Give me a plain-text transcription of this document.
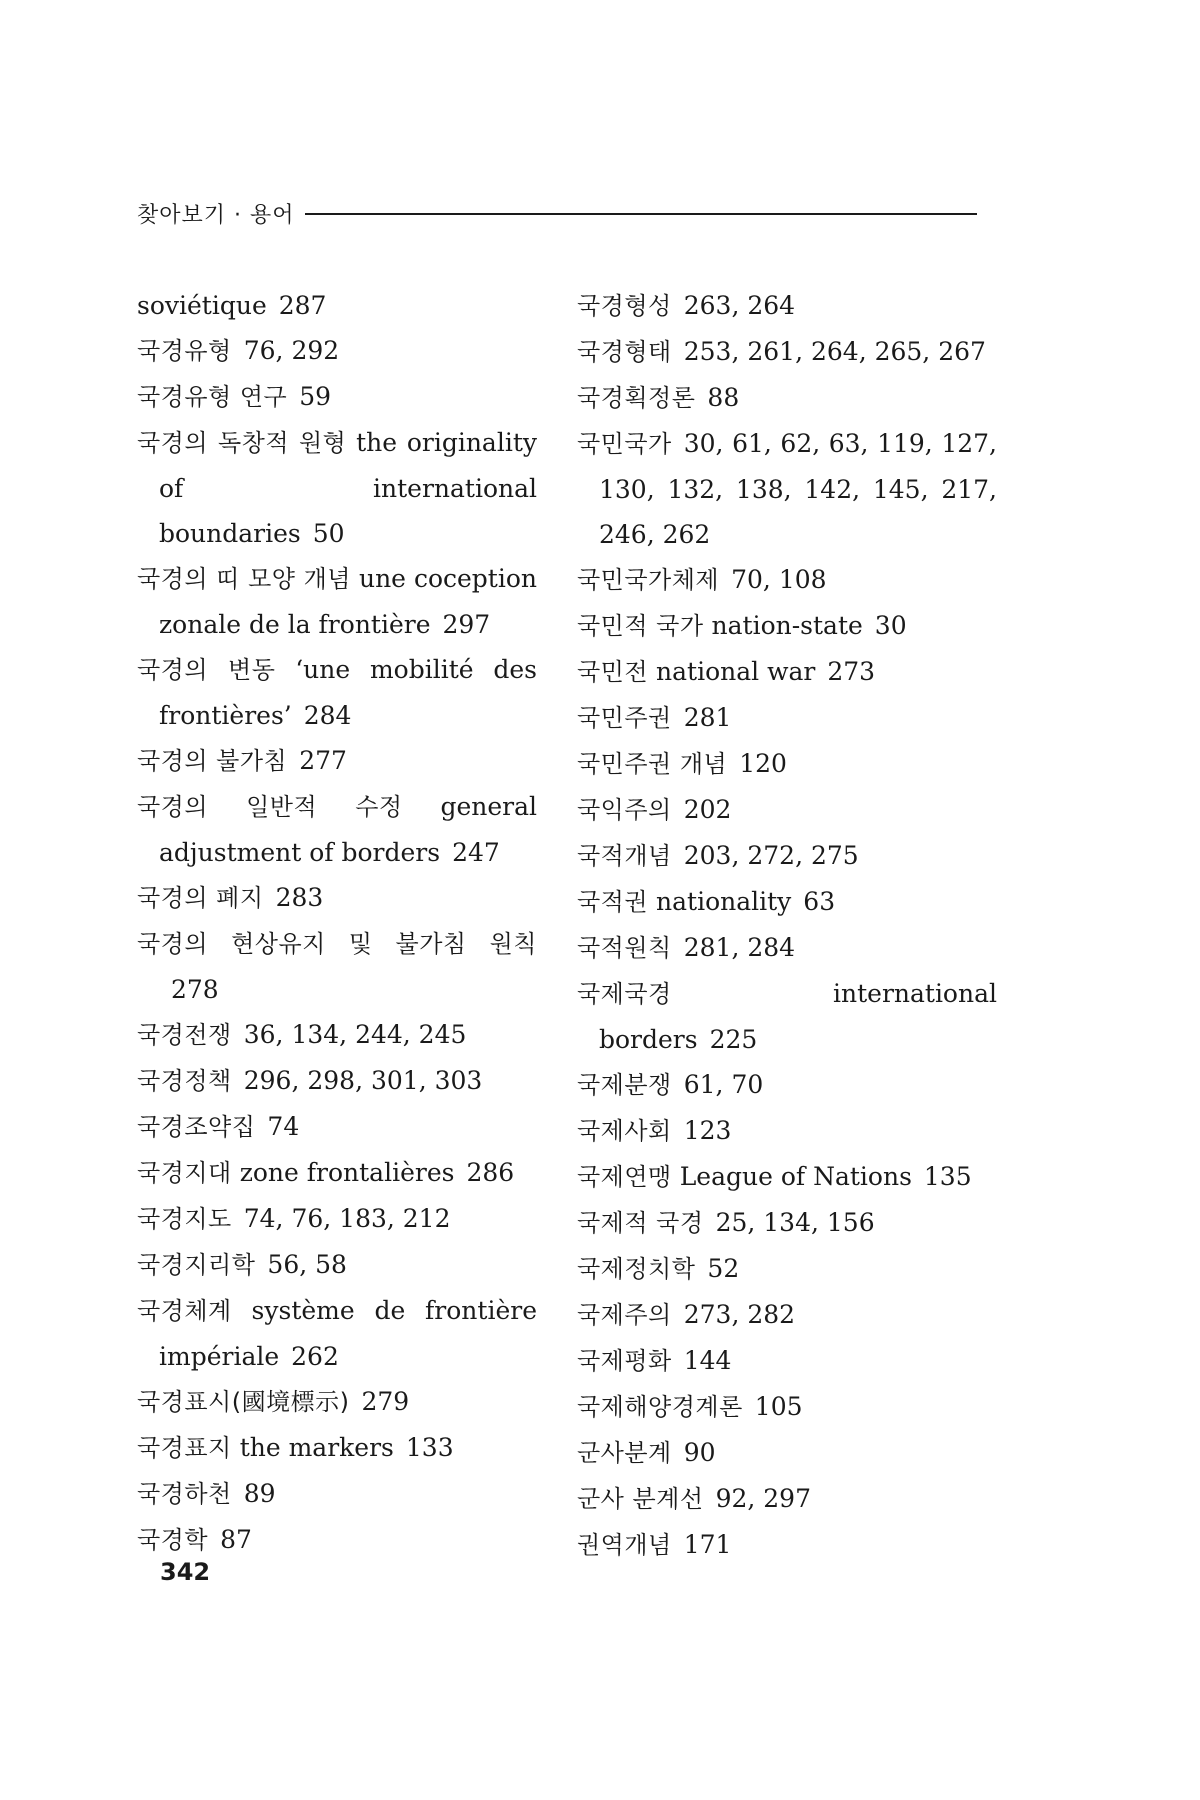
찾아보기 · 용어
soviétique 287
국경유형 76, 292
국경유형 연구 59
국경의 독창적 원형 the originality of international boundaries 50
국경의 띠 모양 개념 une coception zonale de la frontière 297
국경의 변동 ‘une mobilité des frontières’ 284
국경의 불가침 277
국경의 일반적 수정 general adjustment of borders 247
국경의 폐지 283
국경의 현상유지 및 불가침 원칙278
국경전쟁 36, 134, 244, 245
국경정책 296, 298, 301, 303
국경조약집 74
국경지대 zone frontalières 286
국경지도 74, 76, 183, 212
국경지리학 56, 58
국경체계 système de frontière impériale 262
국경표시(國境標示) 279
국경표지 the markers 133
국경하천 89
국경학 87
국경형성 263, 264
국경형태 253, 261, 264, 265, 267
국경획정론 88
국민국가 30, 61, 62, 63, 119, 127, 130, 132, 138, 142, 145, 217, 246, 262
국민국가체제 70, 108
국민적 국가 nation-state 30
국민전 national war 273
국민주권 281
국민주권 개념 120
국익주의 202
국적개념 203, 272, 275
국적권 nationality 63
국적원칙 281, 284
국제국경	international borders 225
국제분쟁 61, 70
국제사회 123
국제연맹 League of Nations 135
국제적 국경 25, 134, 156
국제정치학 52
국제주의 273, 282
국제평화 144
국제해양경계론 105
군사분계 90
군사 분계선 92, 297
권역개념 171
342
